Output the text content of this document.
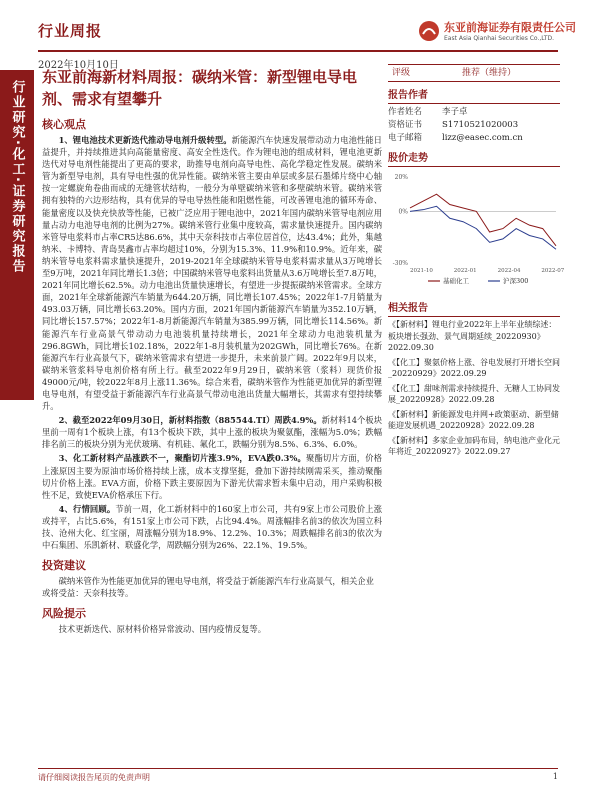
行业周报	东亚前海证券有限责任公司
East Asia Qianhai Securities Co.,LTD.
2022年10月10日
行业研究·化工·证券研究报告
东亚前海新材料周报：碳纳米管：新型锂电导电剂、需求有望攀升
核心观点

1、锂电池技术更新迭代推动导电剂升级转型。新能源汽车快速发展带动动力电池性能日益提升，并持续推进其向高能量密度、高安全性迭代。作为锂电池的组成材料，锂电池更新迭代对导电剂性能提出了更高的要求，助推导电剂向高导电性、高化学稳定性发展。碳纳米管为新型导电剂，具有导电性强的优异性能。碳纳米管主要由单层或多层石墨烯片绕中心轴按一定螺旋角卷曲而成的无缝管状结构，一般分为单壁碳纳米管和多壁碳纳米管。碳纳米管拥有独特的六边形结构，具有优异的导电导热性能和阻燃性能，可改善锂电池的循环寿命、能量密度以及快充快放等性能，已被广泛应用于锂电池中，2021年国内碳纳米管导电剂应用量占动力电池导电剂的比例为27%。碳纳米管行业集中度较高，需求量快速提升。国内碳纳米管导电浆料市占率CR5达86.6%，其中天奈科技市占率位居首位，达43.4%；此外，集越纳米、卡博特、青岛昊鑫市占率均超过10%，分别为15.3%、11.9%和10.9%。近年来，碳纳米管导电浆料需求量快速提升，2019-2021年全球碳纳米管导电浆料需求量从3万吨增长至9万吨，2021年同比增长1.3倍；中国碳纳米管导电浆料出货量从3.6万吨增长至7.8万吨，2021年同比增长62.5%。动力电池出货量快速增长，有望进一步提振碳纳米管需求。全球方面，2021年全球新能源汽车销量为644.20万辆，同比增长107.45%；2022年1-7月销量为493.03万辆，同比增长63.20%。国内方面，2021年国内新能源汽车销量为352.10万辆，同比增长157.57%；2022年1-8月新能源汽车销量为385.99万辆，同比增长114.56%。新能源汽车行业高景气带动动力电池装机量持续增长，2021年全球动力电池装机量为296.8GWh，同比增长102.18%，2022年1-8月装机量为202GWh，同比增长76%。在新能源汽车行业高景气下，碳纳米管需求有望进一步提升，未来前景广阔。2022年9月以来，碳纳米管浆料导电剂价格有所上行。截至2022年9月29日，碳纳米管（浆料）现货价报49000元/吨，较2022年8月上涨11.36%。综合来看，碳纳米管作为性能更加优异的新型锂电导电剂，有望受益于新能源汽车行业高景气带动电池出货量大幅增长，其需求有望持续攀升。

2、截至2022年09月30日，新材料指数（885544.TI）周跌4.9%。新材料14个板块里前一周有1个板块上涨，有13个板块下跌，其中上涨的板块为聚氨酯，涨幅为5.0%；跌幅排名前三的板块分别为光伏玻璃、有机硅、氟化工，跌幅分别为8.5%、6.3%、6.0%。

3、化工新材料产品涨跌不一，聚酯切片涨3.9%，EVA跌0.3%。聚酯切片方面，价格上涨原因主要为原油市场价格持续上涨，成本支撑坚挺，叠加下游持续刚需采买，推动聚酯切片价格上涨。EVA方面，价格下跌主要原因为下游光伏需求暂未集中启动，用户采购积极性不足，致使EVA价格承压下行。

4、行情回顾。节前一周，化工新材料中的160家上市公司，共有9家上市公司股价上涨或持平，占比5.6%，有151家上市公司下跌，占比94.4%。周涨幅排名前3的依次为国立科技、沧州大化、红宝丽，周涨幅分别为18.9%、12.2%、10.3%；周跌幅排名前3的依次为中石集团、乐凯新材、联盛化学，周跌幅分别为26%、22.1%、19.5%。

投资建议
碳纳米管作为性能更加优异的锂电导电剂，将受益于新能源汽车行业高景气，相关企业或将受益：天奈科技等。
风险提示
技术更新迭代、原材料价格异常波动、国内疫情反复等。
评级	推荐（维持）
报告作者
作者姓名	李子卓
资格证书	S1710521020003
电子邮箱	lizz@easec.com.cn
股价走势
-30%
0%
20%
2021-10	2022-01	2022-04	2022-07
基础化工	沪深300
相关报告
《【新材料】锂电行业2022年上半年业绩综述：板块增长强劲、景气周期延续_20220930》2022.09.30
《【化工】聚氨价格上涨、谷电发展打开增长空间_20220929》2022.09.29
《【化工】甜味剂需求持续提升、无糖人工协同发展_20220928》2022.09.28
《【新材料】新能源发电并网+政策驱动、新型储能迎发展机遇_20220928》2022.09.28
《【新材料】多家企业加码布局，纳电池产业化元年将近_20220927》2022.09.27
请仔细阅读报告尾页的免责声明	1
